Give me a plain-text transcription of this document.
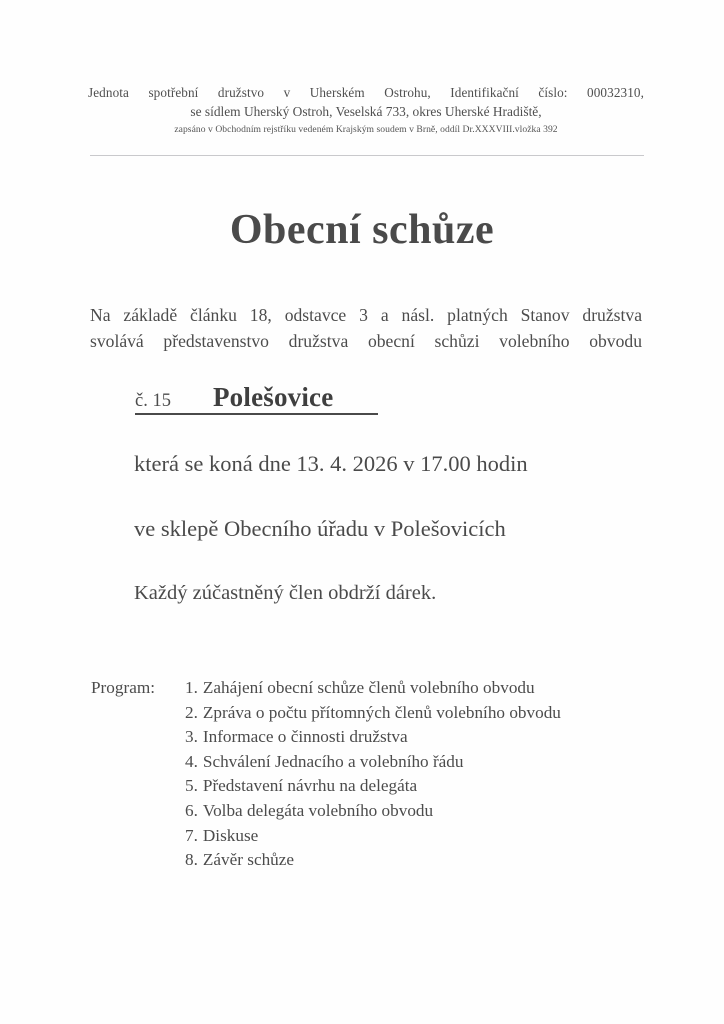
Jednota spotřební družstvo v Uherském Ostrohu, Identifikační číslo: 00032310,
se sídlem Uherský Ostroh, Veselská 733, okres Uherské Hradiště,
zapsáno v Obchodním rejstříku vedeném Krajským soudem v Brně, oddíl Dr.XXXVIII.vložka 392
Obecní schůze
Na základě článku 18, odstavce 3 a násl. platných Stanov družstva
svolává představenstvo družstva obecní schůzi volebního obvodu
č. 15 Polešovice
která se koná dne 13. 4. 2026 v 17.00 hodin
ve sklepě Obecního úřadu v Polešovicích
Každý zúčastněný člen obdrží dárek.
Program:	1. Zahájení obecní schůze členů volebního obvodu
2. Zpráva o počtu přítomných členů volebního obvodu
3. Informace o činnosti družstva
4. Schválení Jednacího a volebního řádu
5. Představení návrhu na delegáta
6. Volba delegáta volebního obvodu
7. Diskuse
8. Závěr schůze
